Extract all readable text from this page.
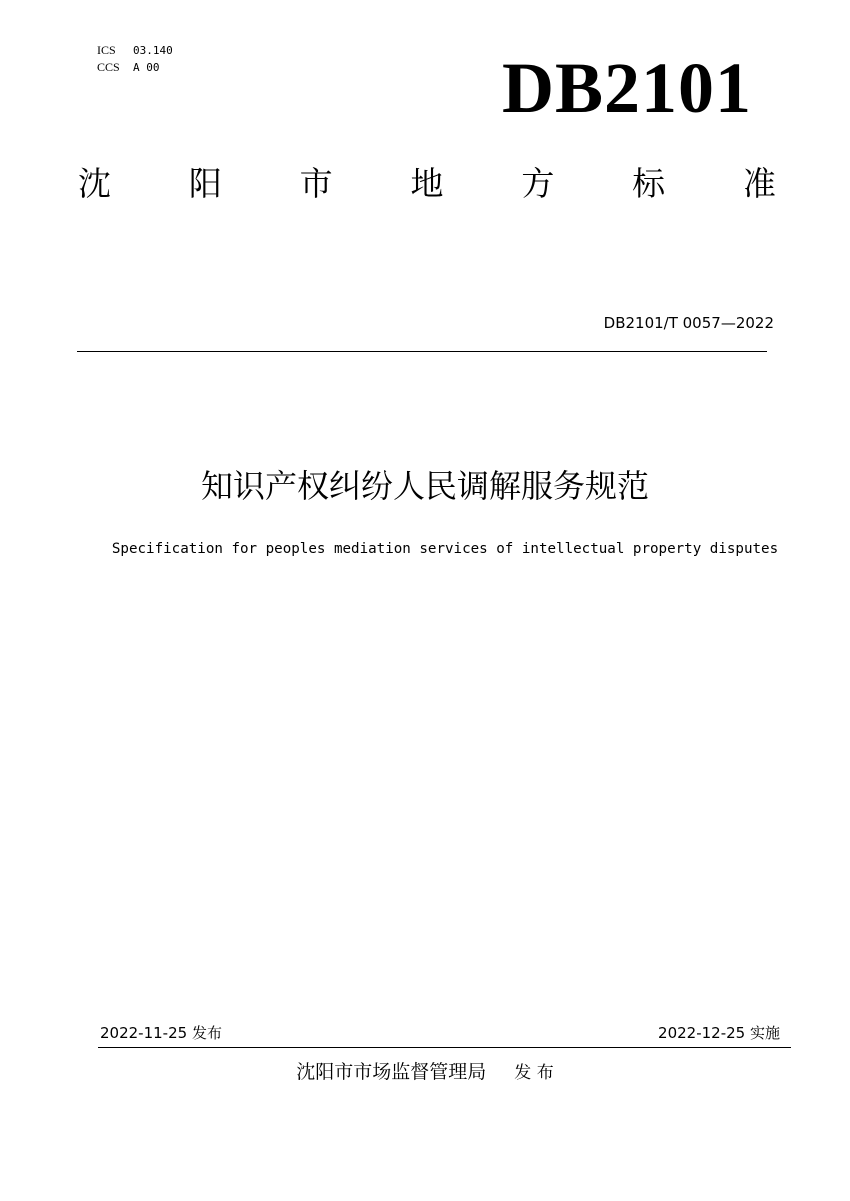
ICS	03.140
CCS	A 00	DB2101
沈 阳 市 地 方 标 准
DB2101/T 0057—2022
知识产权纠纷人民调解服务规范
Specification for peoples mediation services of intellectual property disputes
2022-11-25 发布	2022-12-25 实施
沈阳市市场监督管理局 发 布
